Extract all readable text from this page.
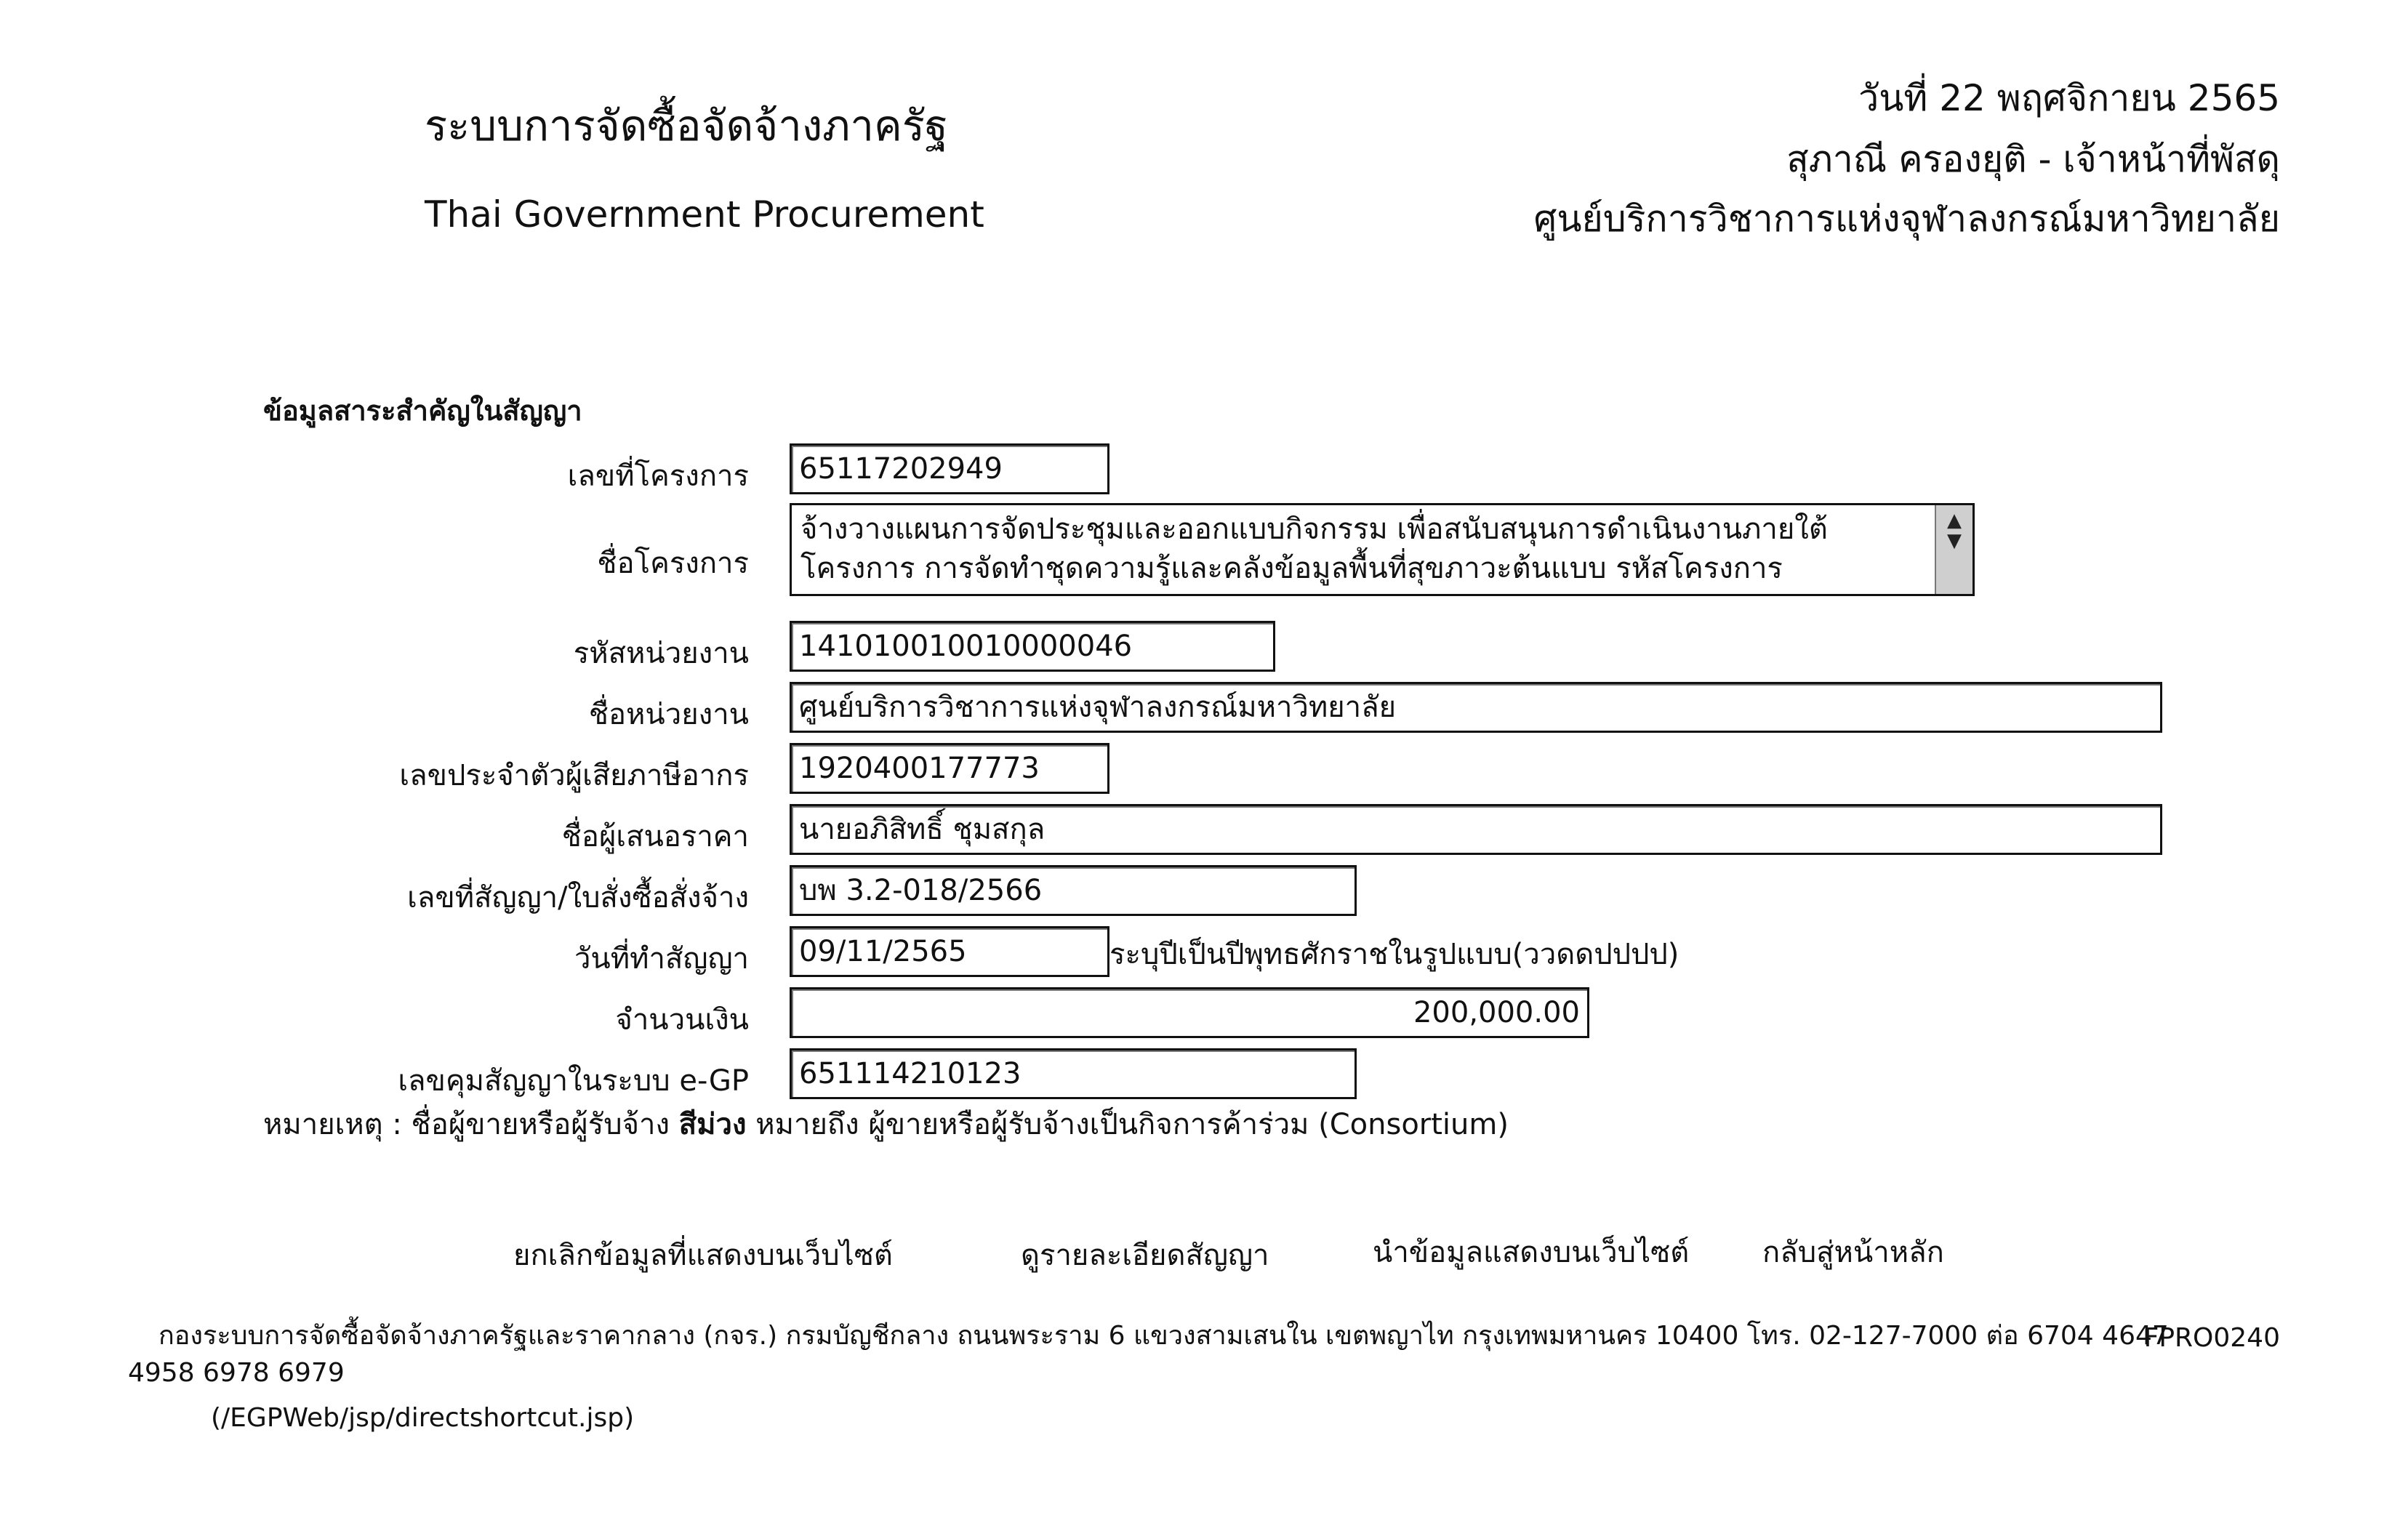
ระบบการจัดซื้อจัดจ้างภาครัฐ
Thai Government Procurement
วันที่ 22 พฤศจิกายน 2565
สุภาณี ครองยุติ - เจ้าหน้าที่พัสดุ
ศูนย์บริการวิชาการแห่งจุฬาลงกรณ์มหาวิทยาลัย
ข้อมูลสาระสำคัญในสัญญา
เลขที่โครงการ	65117202949
ชื่อโครงการ
จ้างวางแผนการจัดประชุมและออกแบบกิจกรรม เพื่อสนับสนุนการดำเนินงานภายใต้
โครงการ การจัดทำชุดความรู้และคลังข้อมูลพื้นที่สุขภาวะต้นแบบ รหัสโครงการ
▲
▼
รหัสหน่วยงาน	141010010010000046
ชื่อหน่วยงาน	ศูนย์บริการวิชาการแห่งจุฬาลงกรณ์มหาวิทยาลัย
เลขประจำตัวผู้เสียภาษีอากร	1920400177773
ชื่อผู้เสนอราคา	นายอภิสิทธิ์ ชุมสกุล
เลขที่สัญญา/ใบสั่งซื้อสั่งจ้าง	บพ 3.2-018/2566
วันที่ทำสัญญา	09/11/2565	ระบุปีเป็นปีพุทธศักราชในรูปแบบ(ววดดปปปป)
จำนวนเงิน	200,000.00
เลขคุมสัญญาในระบบ e-GP	651114210123
หมายเหตุ : ชื่อผู้ขายหรือผู้รับจ้าง สีม่วง หมายถึง ผู้ขายหรือผู้รับจ้างเป็นกิจการค้าร่วม (Consortium)
ยกเลิกข้อมูลที่แสดงบนเว็บไซต์	ดูรายละเอียดสัญญา	นำข้อมูลแสดงบนเว็บไซต์	กลับสู่หน้าหลัก
กองระบบการจัดซื้อจัดจ้างภาครัฐและราคากลาง (กจร.) กรมบัญชีกลาง ถนนพระราม 6 แขวงสามเสนใน เขตพญาไท กรุงเทพมหานคร 10400 โทร. 02-127-7000 ต่อ 6704 4647
4958 6978 6979
(/EGPWeb/jsp/directshortcut.jsp)
FPRO0240
